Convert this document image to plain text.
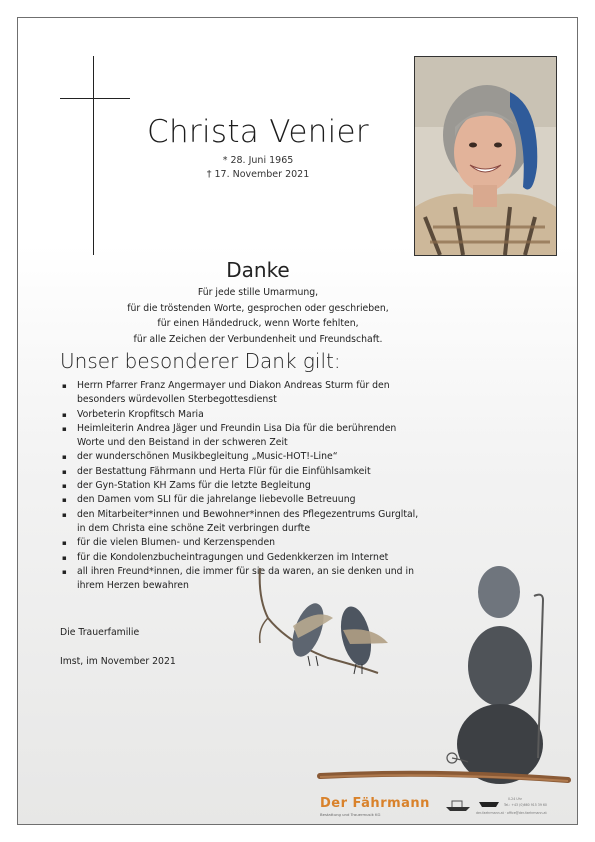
Christa Venier
* 28. Juni 1965
† 17. November 2021
Danke
Für jede stille Umarmung,
für die tröstenden Worte, gesprochen oder geschrieben,
für einen Händedruck, wenn Worte fehlten,
für alle Zeichen der Verbundenheit und Freundschaft.
Unser besonderer Dank gilt:
▪ Herrn Pfarrer Franz Angermayer und Diakon Andreas Sturm für den besonders würdevollen Sterbegottesdienst
▪ Vorbeterin Kropfitsch Maria
▪ Heimleiterin Andrea Jäger und Freundin Lisa Dia für die berührenden Worte und den Beistand in der schweren Zeit
▪ der wunderschönen Musikbegleitung „Music-HOT!-Line“
▪ der Bestattung Fährmann und Herta Flür für die Einfühlsamkeit
▪ der Gyn-Station KH Zams für die letzte Begleitung
▪ den Damen vom SLI für die jahrelange liebevolle Betreuung
▪ den Mitarbeiter*innen und Bewohner*innen des Pflegezentrums Gurgltal, in dem Christa eine schöne Zeit verbringen durfte
▪ für die vielen Blumen- und Kerzenspenden
▪ für die Kondolenzbucheintragungen und Gedenkkerzen im Internet
▪ all ihren Freund*innen, die immer für sie da waren, an sie denken und in ihrem Herzen bewahren
Die Trauerfamilie
Imst, im November 2021
Der Fährmann
Bestattung und Trauermusik KG
0-24 Uhr
Tel.: +43 (0)660 915 39 60
der-faehrmann.at · office@der-faehrmann.at
